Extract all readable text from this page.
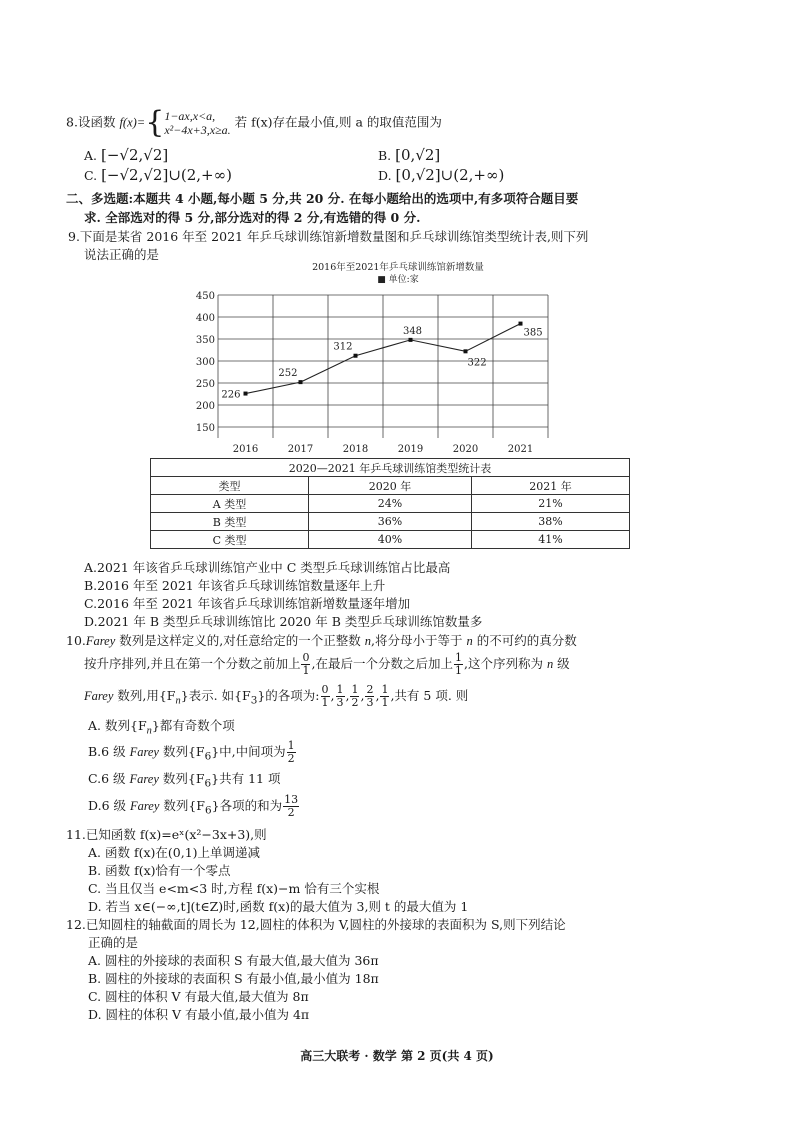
8.设函数 f(x)={ 1−ax,x<a,
x²−4x+3,x≥a.
若 f(x)存在最小值,则 a 的取值范围为
A. [−√2,√2]	B. [0,√2]
C. [−√2,√2]∪(2,+∞)	D. [0,√2]∪(2,+∞)
二、多选题:本题共 4 小题,每小题 5 分,共 20 分. 在每小题给出的选项中,有多项符合题目要
求. 全部选对的得 5 分,部分选对的得 2 分,有选错的得 0 分.
9.下面是某省 2016 年至 2021 年乒乓球训练馆新增数量图和乒乓球训练馆类型统计表,则下列
说法正确的是
2016年至2021年乒乓球训练馆新增数量
■ 单位:家
150
200
250
300
350
400
450
2016	2017	2018	2019	2020	2021
226
252
312
348
322
385
2020—2021 年乒乓球训练馆类型统计表		
类型	2020 年	2021 年
A 类型	24%	21%
B 类型	36%	38%
C 类型	40%	41%
A.2021 年该省乒乓球训练馆产业中 C 类型乒乓球训练馆占比最高
B.2016 年至 2021 年该省乒乓球训练馆数量逐年上升
C.2016 年至 2021 年该省乒乓球训练馆新增数量逐年增加
D.2021 年 B 类型乒乓球训练馆比 2020 年 B 类型乒乓球训练馆数量多
10.Farey 数列是这样定义的,对任意给定的一个正整数 n,将分母小于等于 n 的不可约的真分数
按升序排列,并且在第一个分数之前加上 $\frac{0}{1}$ ,在最后一个分数之后加上 $\frac{1}{1}$ ,这个序列称为 n 级
Farey 数列,用$\{F_n\}$表示. 如$\{F_3\}$的各项为: $\frac{0}{1}$ , $\frac{1}{3}$ , $\frac{1}{2}$ , $\frac{2}{3}$ , $\frac{1}{1}$ ,共有 5 项. 则
A. 数列$\{F_n\}$都有奇数个项
B.6 级 Farey 数列$\{F_6\}$中,中间项为 $\frac{1}{2}$
C.6 级 Farey 数列$\{F_6\}$共有 11 项
D.6 级 Farey 数列$\{F_6\}$各项的和为 $\frac{13}{2}$
11.已知函数 f(x)=eˣ(x²−3x+3),则
A. 函数 f(x)在(0,1)上单调递减
B. 函数 f(x)恰有一个零点
C. 当且仅当 e<m<3 时,方程 f(x)−m 恰有三个实根
D. 若当 x∈(−∞,t](t∈Z)时,函数 f(x)的最大值为 3,则 t 的最大值为 1
12.已知圆柱的轴截面的周长为 12,圆柱的体积为 V,圆柱的外接球的表面积为 S,则下列结论
正确的是
A. 圆柱的外接球的表面积 S 有最大值,最大值为 36π
B. 圆柱的外接球的表面积 S 有最小值,最小值为 18π
C. 圆柱的体积 V 有最大值,最大值为 8π
D. 圆柱的体积 V 有最小值,最小值为 4π
高三大联考 · 数学 第 2 页(共 4 页)
